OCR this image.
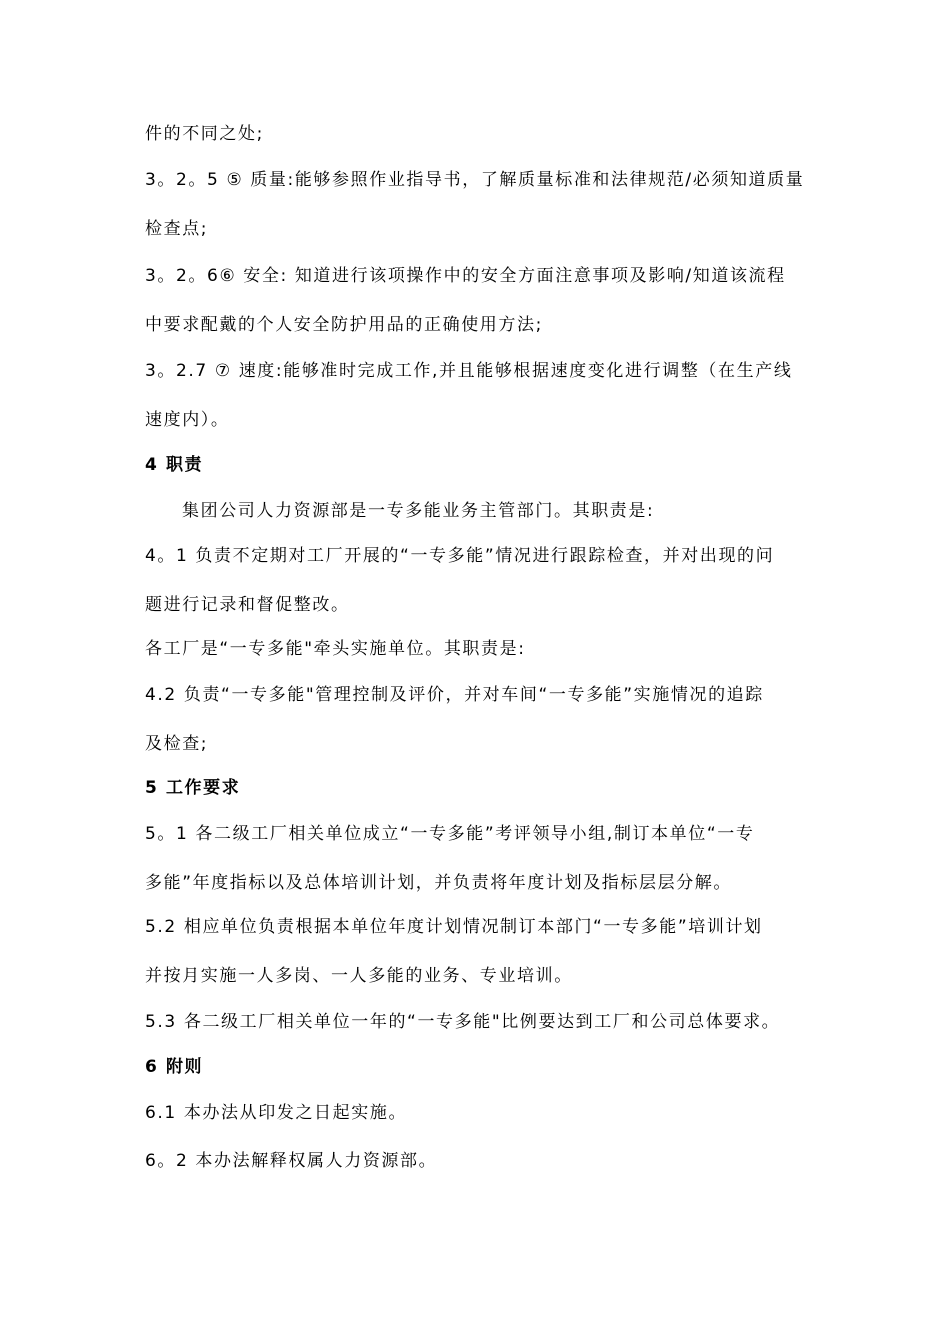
件的不同之处;
3。2。5 ⑤ 质量:能够参照作业指导书，了解质量标准和法律规范/必须知道质量
检查点;
3。2。6⑥ 安全: 知道进行该项操作中的安全方面注意事项及影响/知道该流程
中要求配戴的个人安全防护用品的正确使用方法;
3。2.7 ⑦ 速度:能够准时完成工作,并且能够根据速度变化进行调整（在生产线
速度内）。
4 职责
集团公司人力资源部是一专多能业务主管部门。其职责是:
4。1 负责不定期对工厂开展的“一专多能”情况进行跟踪检查，并对出现的问
题进行记录和督促整改。
各工厂是“一专多能"牵头实施单位。其职责是:
4.2 负责“一专多能"管理控制及评价，并对车间“一专多能”实施情况的追踪
及检查;
5 工作要求
5。1 各二级工厂相关单位成立“一专多能”考评领导小组,制订本单位“一专
多能”年度指标以及总体培训计划，并负责将年度计划及指标层层分解。
5.2 相应单位负责根据本单位年度计划情况制订本部门“一专多能”培训计划
并按月实施一人多岗、一人多能的业务、专业培训。
5.3 各二级工厂相关单位一年的“一专多能"比例要达到工厂和公司总体要求。
6 附则
6.1 本办法从印发之日起实施。
6。2 本办法解释权属人力资源部。
